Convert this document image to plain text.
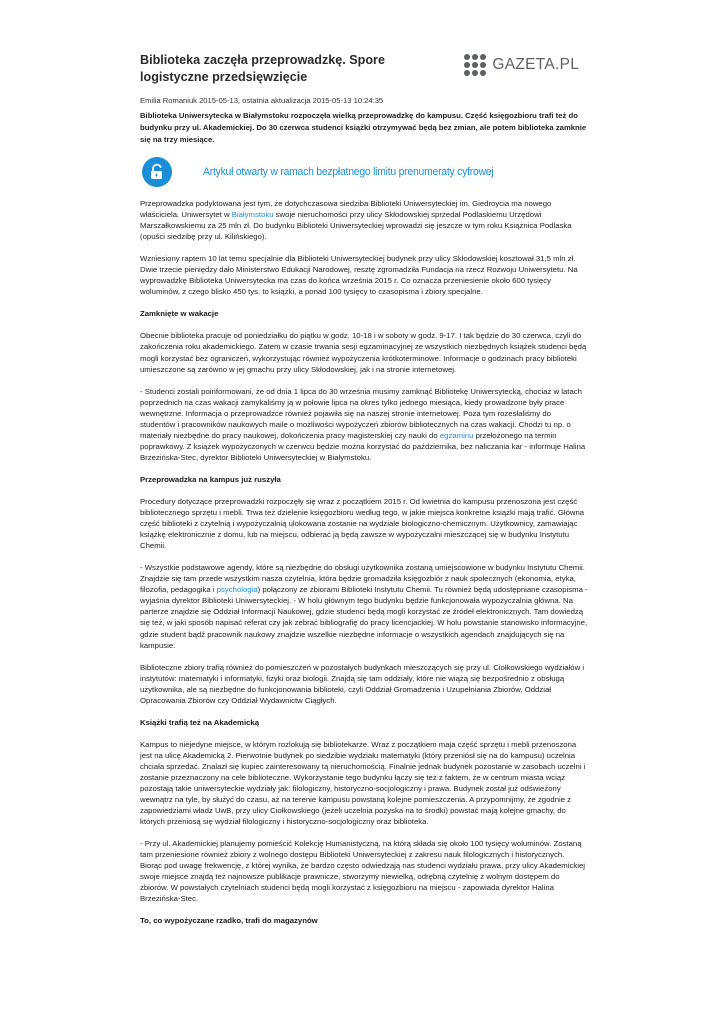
Biblioteka zaczęła przeprowadzkę. Spore logistyczne przedsięwzięcie
GAZETA.PL
Emilia Romaniuk 2015-05-13, ostatnia aktualizacja 2015-05-13 10:24:35

Biblioteka Uniwersytecka w Białymstoku rozpoczęła wielką przeprowadzkę do kampusu. Część księgozbioru trafi też do budynku przy ul. Akademickiej. Do 30 czerwca studenci książki otrzymywać będą bez zmian, ale potem biblioteka zamknie się na trzy miesiące.

Artykuł otwarty w ramach bezpłatnego limitu prenumeraty cyfrowej

Przeprowadzka podyktowana jest tym, że dotychczasowa siedziba Biblioteki Uniwersyteckiej im. Giedroycia ma nowego właściciela. Uniwersytet w Białymstoku swoje nieruchomości przy ulicy Skłodowskiej sprzedał Podlaskiemu Urzędowi Marszałkowskiemu za 25 mln zł. Do budynku Biblioteki Uniwersyteckiej wprowadzi się jeszcze w tym roku Książnica Podlaska (opuści siedzibę przy ul. Kilińskiego).

Wzniesiony raptem 10 lat temu specjalnie dla Biblioteki Uniwersyteckiej budynek przy ulicy Skłodowskiej kosztował 31,5 mln zł. Dwie trzecie pieniędzy dało Ministerstwo Edukacji Narodowej, resztę zgromadziła Fundacja na rzecz Rozwoju Uniwersytetu. Na wyprowadzkę Biblioteka Uniwersytecka ma czas do końca września 2015 r. Co oznacza przeniesienie około 600 tysięcy woluminów, z czego blisko 450 tys. to książki, a ponad 100 tysięcy to czasopisma i zbiory specjalne.

Zamknięte w wakacje

Obecnie biblioteka pracuje od poniedziałku do piątku w godz. 10-18 i w soboty w godz. 9-17. I tak będzie do 30 czerwca, czyli do zakończenia roku akademickiego. Zatem w czasie trwania sesji egzaminacyjnej ze wszystkich niezbędnych książek studenci będą mogli korzystać bez ograniczeń, wykorzystując również wypożyczenia krótkoterminowe. Informacje o godzinach pracy biblioteki umieszczone są zarówno w jej gmachu przy ulicy Skłodowskiej, jak i na stronie internetowej.

- Studenci zostali poinformowani, że od dnia 1 lipca do 30 września musimy zamknąć Bibliotekę Uniwersytecką, chociaż w latach poprzednich na czas wakacji zamykaliśmy ją w połowie lipca na okres tylko jednego miesiąca, kiedy prowadzone były prace wewnętrzne. Informacja o przeprowadzce również pojawiła się na naszej stronie internetowej. Poza tym rozesłaliśmy do studentów i pracowników naukowych maile o możliwości wypożyczeń zbiorów bibliotecznych na czas wakacji. Chodzi tu np. o materiały niezbędne do pracy naukowej, dokończenia pracy magisterskiej czy nauki do egzaminu przełożonego na termin poprawkowy. Z książek wypożyczonych w czerwcu będzie można korzystać do października, bez naliczania kar - informuje Halina Brzezińska-Stec, dyrektor Biblioteki Uniwersyteckiej w Białymstoku.

Przeprowadzka na kampus już ruszyła

Procedury dotyczące przeprowadzki rozpoczęły się wraz z początkiem 2015 r. Od kwietnia do kampusu przenoszona jest część bibliotecznego sprzętu i mebli. Trwa też dzielenie księgozbioru według tego, w jakie miejsca konkretne książki mają trafić. Główna część biblioteki z czytelnią i wypożyczalnią ulokowana zostanie na wydziale biologiczno-chemicznym. Użytkownicy, zamawiając książkę elektronicznie z domu, lub na miejscu, odbierać ją będą zawsze w wypożyczalni mieszczącej się w budynku Instytutu Chemii.

- Wszystkie podstawowe agendy, które są niezbędne do obsługi użytkownika zostaną umiejscowione w budynku Instytutu Chemii. Znajdzie się tam przede wszystkim nasza czytelnia, która będzie gromadziła księgozbiór z nauk społecznych (ekonomia, etyka, filozofia, pedagogika i psychologia) połączony ze zbiorami Biblioteki Instytutu Chemii. Tu również będą udostępniane czasopisma - wyjaśnia dyrektor Biblioteki Uniwersyteckiej. - W holu głównym tego budynku będzie funkcjonowała wypożyczalnia główna. Na parterze znajdzie się Oddział Informacji Naukowej, gdzie studenci będą mogli korzystać ze źródeł elektronicznych. Tam dowiedzą się też, w jaki sposób napisać referat czy jak zebrać bibliografię do pracy licencjackiej. W holu powstanie stanowisko informacyjne, gdzie student bądź pracownik naukowy znajdzie wszelkie niezbędne informacje o wszystkich agendach znajdujących się na kampusie.

Biblioteczne zbiory trafią również do pomieszczeń w pozostałych budynkach mieszczących się przy ul. Ciołkowskiego wydziałów i instytutów: matematyki i informatyki, fizyki oraz biologii. Znajdą się tam oddziały, które nie wiążą się bezpośrednio z obsługą użytkownika, ale są niezbędne do funkcjonowania biblioteki, czyli Oddział Gromadzenia i Uzupełniania Zbiorów, Oddział Opracowania Zbiorów czy Oddział Wydawnictw Ciągłych.

Książki trafią też na Akademicką

Kampus to niejedyne miejsce, w którym rozlokują się bibliotekarze. Wraz z początkiem maja część sprzętu i mebli przenoszona jest na ulicę Akademicką 2. Pierwotnie budynek po siedzibie wydziału matematyki (który przeniósł się na do kampusu) uczelnia chciała sprzedać. Znalazł się kupiec zainteresowany tą nieruchomością. Finalnie jednak budynek pozostanie w zasobach uczelni i zostanie przeznaczony na cele biblioteczne. Wykorzystanie tego budynku łączy się też z faktem, że w centrum miasta wciąż pozostają takie uniwersyteckie wydziały jak: filologiczny, historyczno-socjologiczny i prawa. Budynek został już odświeżony wewnątrz na tyle, by służyć do czasu, aż na terenie kampusu powstaną kolejne pomieszczenia. A przypomnijmy, że zgodnie z zapowiedziami władz UwB, przy ulicy Ciołkowskiego (jeżeli uczelnia pozyska na to środki) powstać mają kolejne gmachy, do których przeniosą się wydział filologiczny i historyczno-socjologiczny oraz biblioteka.

- Przy ul. Akademickiej planujemy pomieścić Kolekcję Humanistyczną, na którą składa się około 100 tysięcy woluminów. Zostaną tam przeniesione również zbiory z wolnego dostępu Biblioteki Uniwersyteckiej z zakresu nauk filologicznych i historycznych. Biorąc pod uwagę frekwencję, z której wynika, że bardzo często odwiedzają nas studenci wydziału prawa, przy ulicy Akademickiej swoje miejsce znajdą też najnowsze publikacje prawnicze, stworzymy niewielką, odrębną czytelnię z wolnym dostępem do zbiorów. W powstałych czytelniach studenci będą mogli korzystać z księgozbioru na miejscu - zapowiada dyrektor Halina Brzezińska-Stec.

To, co wypożyczane rzadko, trafi do magazynów
